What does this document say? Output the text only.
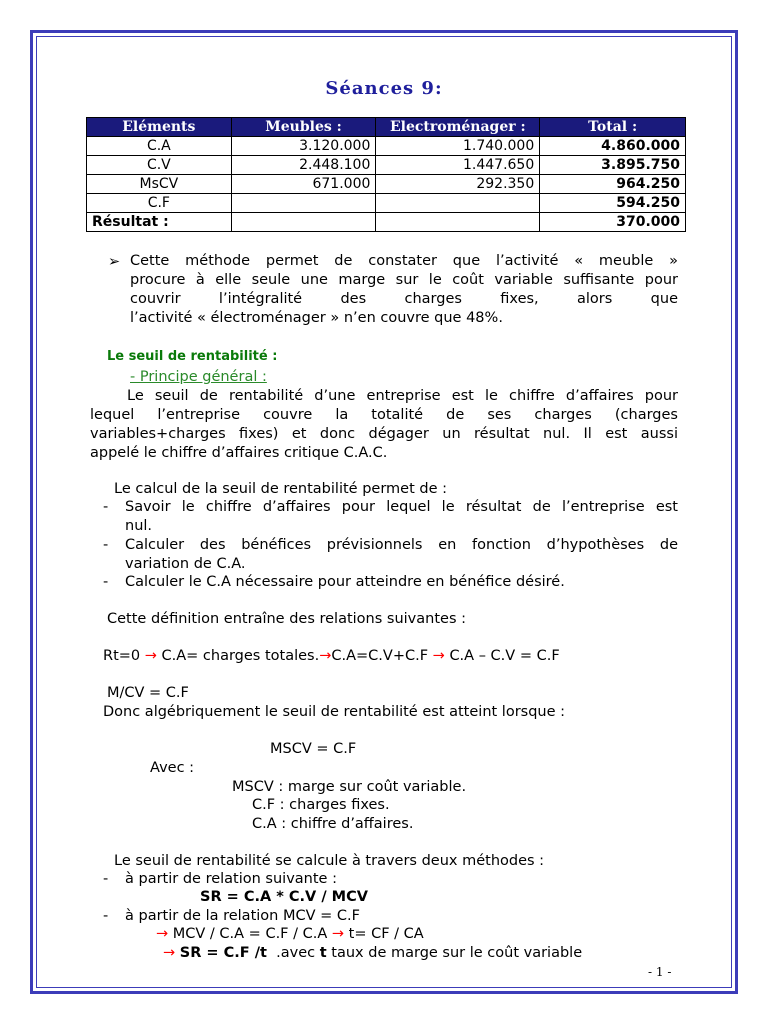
Séances 9:
Eléments	Meubles :	Electroménager :	Total :
C.A	3.120.000	1.740.000	4.860.000
C.V	2.448.100	1.447.650	3.895.750
MsCV	671.000	292.350	964.250
C.F			594.250
Résultat :			370.000
➢ Cette méthode permet de constater que l’activité « meuble »
procure à elle seule une marge sur le coût variable suffisante pour
couvrir l’intégralité des charges fixes, alors que
l’activité « électroménager » n’en couvre que 48%.
Le seuil de rentabilité :
- Principe général :
Le seuil de rentabilité d’une entreprise est le chiffre d’affaires pour
lequel l’entreprise couvre la totalité de ses charges (charges
variables+charges fixes) et donc dégager un résultat nul. Il est aussi
appelé le chiffre d’affaires critique C.A.C.
Le calcul de la seuil de rentabilité permet de :
- Savoir le chiffre d’affaires pour lequel le résultat de l’entreprise est
nul.
- Calculer des bénéfices prévisionnels en fonction d’hypothèses de
variation de C.A.
- Calculer le C.A nécessaire pour atteindre en bénéfice désiré.
Cette définition entraîne des relations suivantes :
Rt=0 → C.A= charges totales.→C.A=C.V+C.F → C.A – C.V = C.F
M/CV = C.F
Donc algébriquement le seuil de rentabilité est atteint lorsque :
MSCV = C.F
Avec :
MSCV : marge sur coût variable.
C.F : charges fixes.
C.A : chiffre d’affaires.
Le seuil de rentabilité se calcule à travers deux méthodes :
- à partir de relation suivante :
SR = C.A * C.V / MCV
- à partir de la relation MCV = C.F
→ MCV / C.A = C.F / C.A → t= CF / CA
→ SR = C.F /t .avec t taux de marge sur le coût variable
- 1 -
